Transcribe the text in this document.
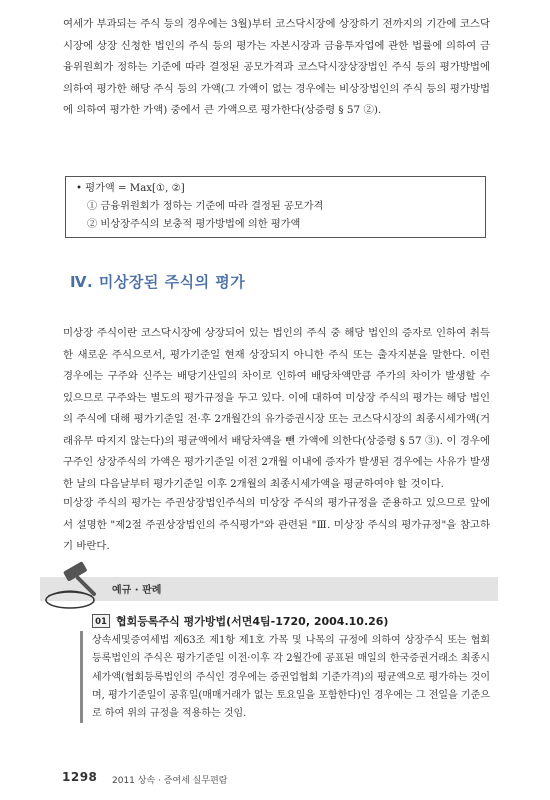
여세가 부과되는 주식 등의 경우에는 3월)부터 코스닥시장에 상장하기 전까지의 기간에 코스닥시장에 상장 신청한 법인의 주식 등의 평가는 자본시장과 금융투자업에 관한 법률에 의하여 금융위원회가 정하는 기준에 따라 결정된 공모가격과 코스닥시장상장법인 주식 등의 평가방법에 의하여 평가한 해당 주식 등의 가액(그 가액이 없는 경우에는 비상장법인의 주식 등의 평가방법에 의하여 평가한 가액) 중에서 큰 가액으로 평가한다(상증령 § 57 ②).

• 평가액 = Max[①, ②]
① 금융위원회가 정하는 기준에 따라 결정된 공모가격
② 비상장주식의 보충적 평가방법에 의한 평가액
Ⅳ. 미상장된 주식의 평가

미상장 주식이란 코스닥시장에 상장되어 있는 법인의 주식 중 해당 법인의 증자로 인하여 취득한 새로운 주식으로서, 평가기준일 현재 상장되지 아니한 주식 또는 출자지분을 말한다. 이런 경우에는 구주와 신주는 배당기산일의 차이로 인하여 배당차액만큼 주가의 차이가 발생할 수 있으므로 구주와는 별도의 평가규정을 두고 있다. 이에 대하여 미상장 주식의 평가는 해당 법인의 주식에 대해 평가기준일 전·후 2개월간의 유가증권시장 또는 코스닥시장의 최종시세가액(거래유무 따지지 않는다)의 평균액에서 배당차액을 뺀 가액에 의한다(상증령 § 57 ③). 이 경우에 구주인 상장주식의 가액은 평가기준일 이전 2개월 이내에 증자가 발생된 경우에는 사유가 발생한 날의 다음날부터 평가기준일 이후 2개월의 최종시세가액을 평균하여야 할 것이다.

미상장 주식의 평가는 주권상장법인주식의 미상장 주식의 평가규정을 준용하고 있으므로 앞에서 설명한 "제2절 주권상장법인의 주식평가"와 관련된 "Ⅲ. 미상장 주식의 평가규정"을 참고하기 바란다.

예규 · 판례
01 협회등록주식 평가방법(서면4팀-1720, 2004.10.26)

상속세및증여세법 제63조 제1항 제1호 가목 및 나목의 규정에 의하여 상장주식 또는 협회등록법인의 주식은 평가기준일 이전·이후 각 2월간에 공표된 매일의 한국증권거래소 최종시세가액(협회등록법인의 주식인 경우에는 증권업협회 기준가격)의 평균액으로 평가하는 것이며, 평가기준일이 공휴일(매매거래가 없는 토요일을 포함한다)인 경우에는 그 전일을 기준으로 하여 위의 규정을 적용하는 것임.

1298 2011 상속 · 증여세 실무편람
